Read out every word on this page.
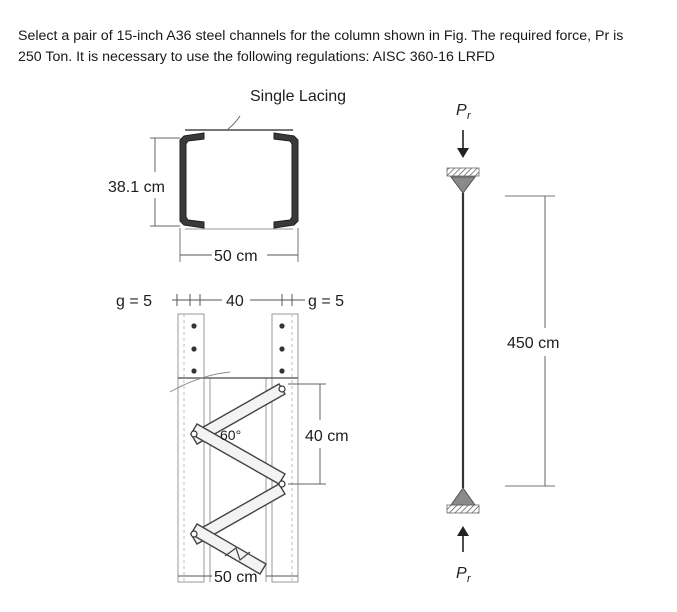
Select a pair of 15-inch A36 steel channels for the column shown in Fig. The required force, Pr is

250 Ton. It is necessary to use the following regulations: AISC 360-16 LRFD

Single Lacing
38.1 cm
50 cm
g = 5	40	g = 5
60°	40 cm
50 cm
P r
P r
450 cm
